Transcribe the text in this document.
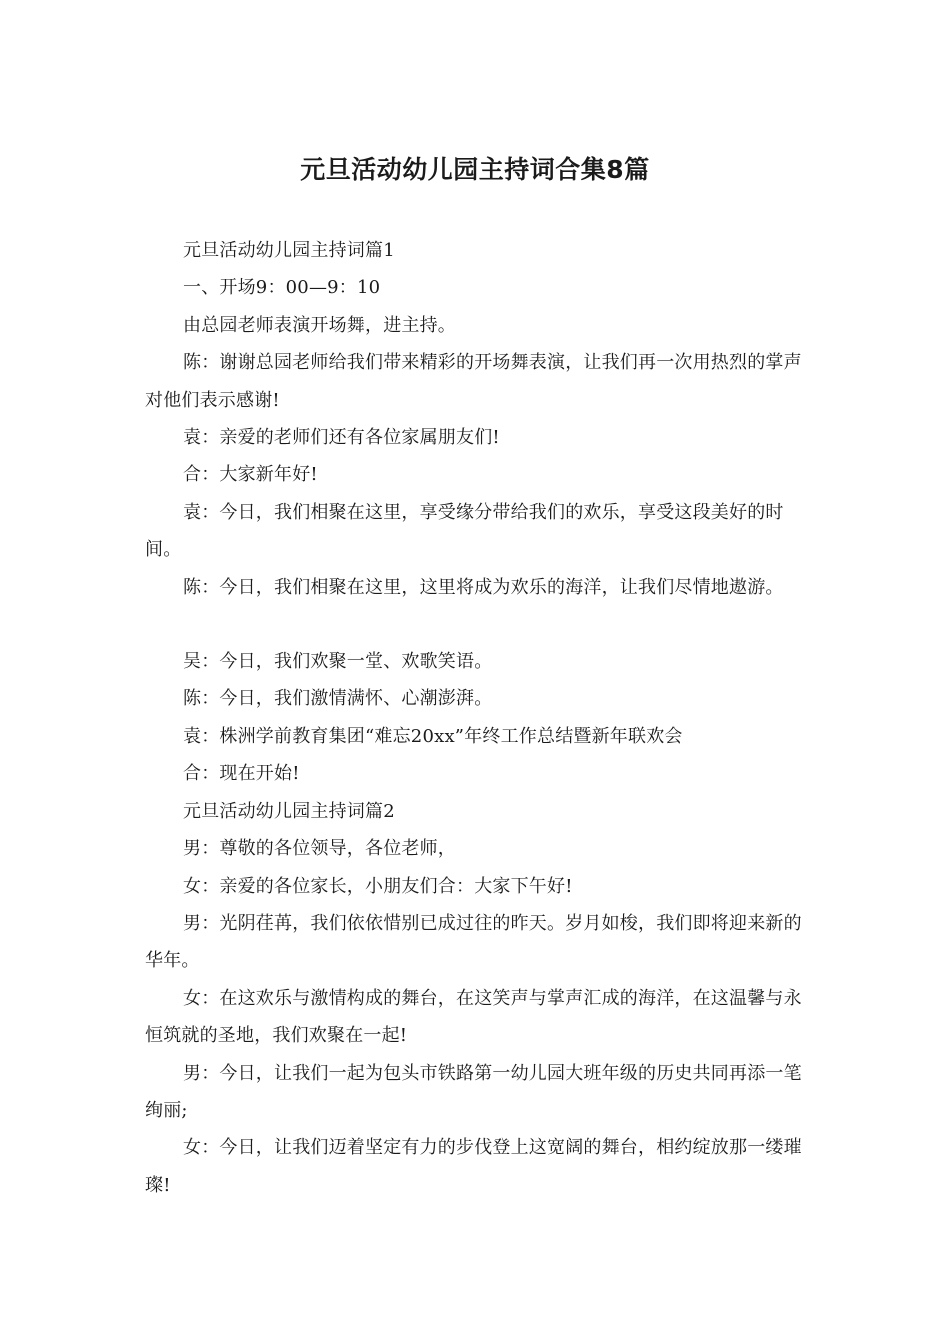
元旦活动幼儿园主持词合集8篇

元旦活动幼儿园主持词篇1

一、开场9：00—9：10

由总园老师表演开场舞，进主持。

陈：谢谢总园老师给我们带来精彩的开场舞表演，让我们再一次用热烈的掌声对他们表示感谢!

袁：亲爱的老师们还有各位家属朋友们!

合：大家新年好!

袁：今日，我们相聚在这里，享受缘分带给我们的欢乐，享受这段美好的时间。

陈：今日，我们相聚在这里，这里将成为欢乐的海洋，让我们尽情地遨游。

吴：今日，我们欢聚一堂、欢歌笑语。

陈：今日，我们激情满怀、心潮澎湃。

袁：株洲学前教育集团“难忘20xx”年终工作总结暨新年联欢会

合：现在开始!

元旦活动幼儿园主持词篇2

男：尊敬的各位领导，各位老师，

女：亲爱的各位家长，小朋友们合：大家下午好!

男：光阴荏苒，我们依依惜别已成过往的昨天。岁月如梭，我们即将迎来新的华年。

女：在这欢乐与激情构成的舞台，在这笑声与掌声汇成的海洋，在这温馨与永恒筑就的圣地，我们欢聚在一起!

男：今日，让我们一起为包头市铁路第一幼儿园大班年级的历史共同再添一笔绚丽;

女：今日，让我们迈着坚定有力的步伐登上这宽阔的舞台，相约绽放那一缕璀璨!
